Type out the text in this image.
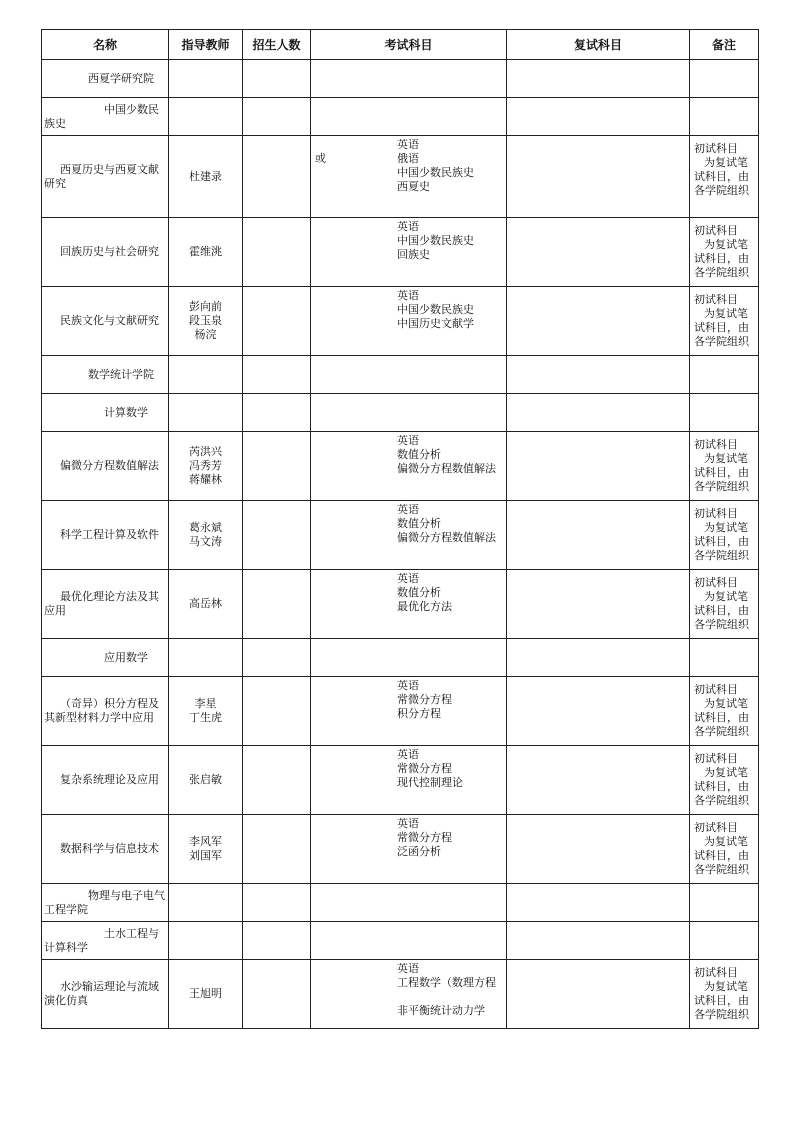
名称	指导教师	招生人数	考试科目	复试科目	备注

西夏学研究院					

中国少数民族史					

西夏历史与西夏文献研究	杜建录		或
英语
俄语
中国少数民族史
西夏史		初试科目
为复试笔
试科目，由
各学院组织

回族历史与社会研究	霍维洮		英语
中国少数民族史
回族史		初试科目
为复试笔
试科目，由
各学院组织

民族文化与文献研究	彭向前
段玉泉
杨浣		英语
中国少数民族史
中国历史文献学		初试科目
为复试笔
试科目，由
各学院组织

数学统计学院					

计算数学					

偏微分方程数值解法	芮洪兴
冯秀芳
蒋耀林		英语
数值分析
偏微分方程数值解法		初试科目
为复试笔
试科目，由
各学院组织

科学工程计算及软件	葛永斌
马文涛		英语
数值分析
偏微分方程数值解法		初试科目
为复试笔
试科目，由
各学院组织

最优化理论方法及其应用	高岳林		英语
数值分析
最优化方法		初试科目
为复试笔
试科目，由
各学院组织

应用数学					

（奇异）积分方程及其新型材料力学中应用	李星
丁生虎		英语
常微分方程
积分方程		初试科目
为复试笔
试科目，由
各学院组织

复杂系统理论及应用	张启敏		英语
常微分方程
现代控制理论		初试科目
为复试笔
试科目，由
各学院组织

数据科学与信息技术	李风军
刘国军		英语
常微分方程
泛函分析		初试科目
为复试笔
试科目，由
各学院组织

物理与电子电气工程学院					

土水工程与计算科学					

水沙输运理论与流域演化仿真	王旭明		英语
工程数学（数理方程

非平衡统计动力学		初试科目
为复试笔
试科目，由
各学院组织
